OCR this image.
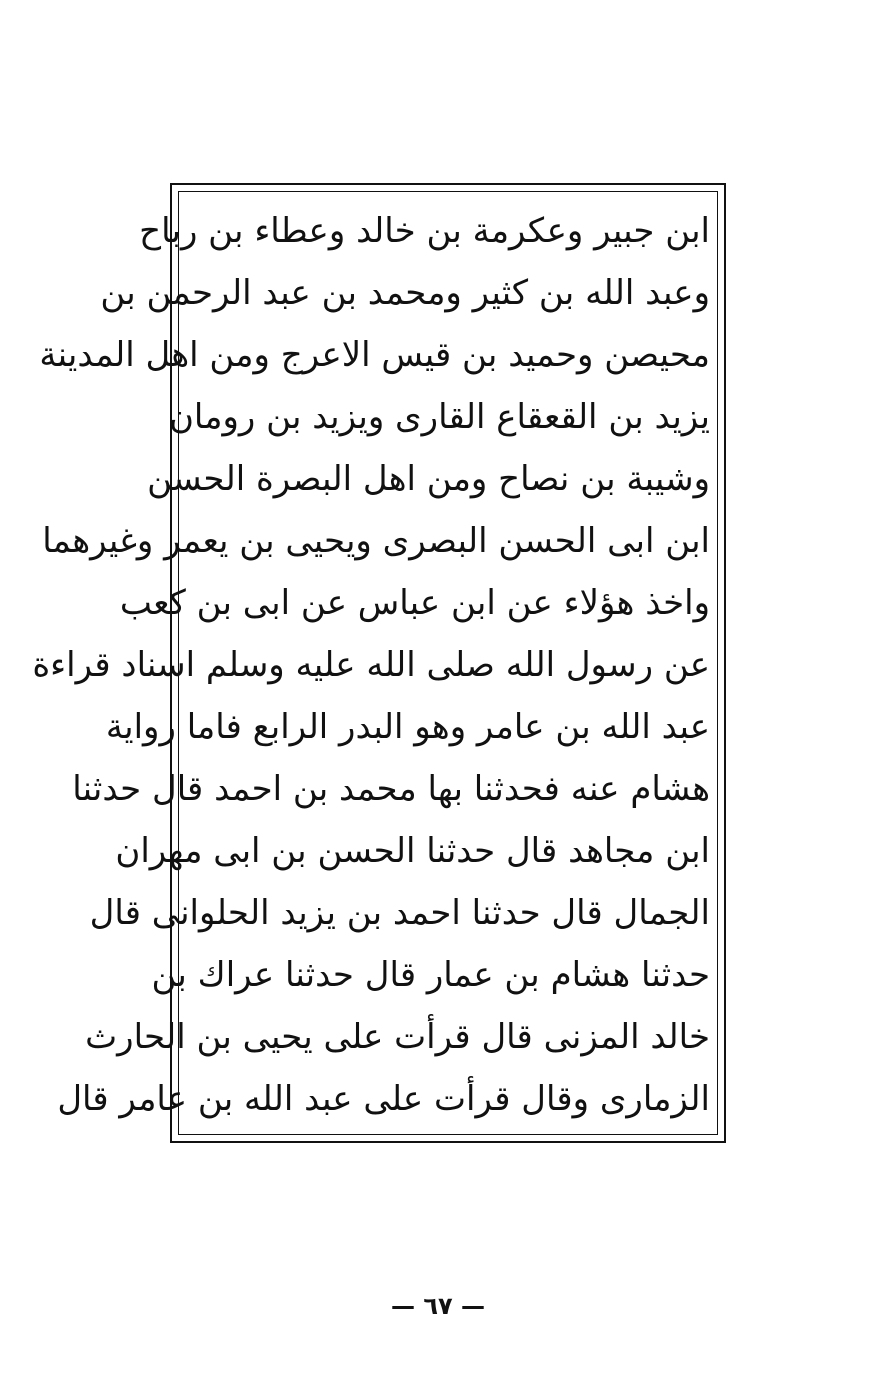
ابن جبير وعكرمة بن خالد وعطاء بن رباح
وعبد الله بن كثير ومحمد بن عبد الرحمن بن
محيصن وحميد بن قيس الاعرج ومن اهل المدينة
يزيد بن القعقاع القارى ويزيد بن رومان
وشيبة بن نصاح ومن اهل البصرة الحسن
ابن ابى الحسن البصرى ويحيى بن يعمر وغيرهما
واخذ هؤلاء عن ابن عباس عن ابى بن كعب
عن رسول الله صلى الله عليه وسلم اسناد قراءة
عبد الله بن عامر وهو البدر الرابع فاما رواية
هشام عنه فحدثنا بها محمد بن احمد قال حدثنا
ابن مجاهد قال حدثنا الحسن بن ابى مهران
الجمال قال حدثنا احمد بن يزيد الحلوانى قال
حدثنا هشام بن عمار قال حدثنا عراك بن
خالد المزنى قال قرأت على يحيى بن الحارث
الزمارى وقال قرأت على عبد الله بن عامر قال
— ٦٧ —
